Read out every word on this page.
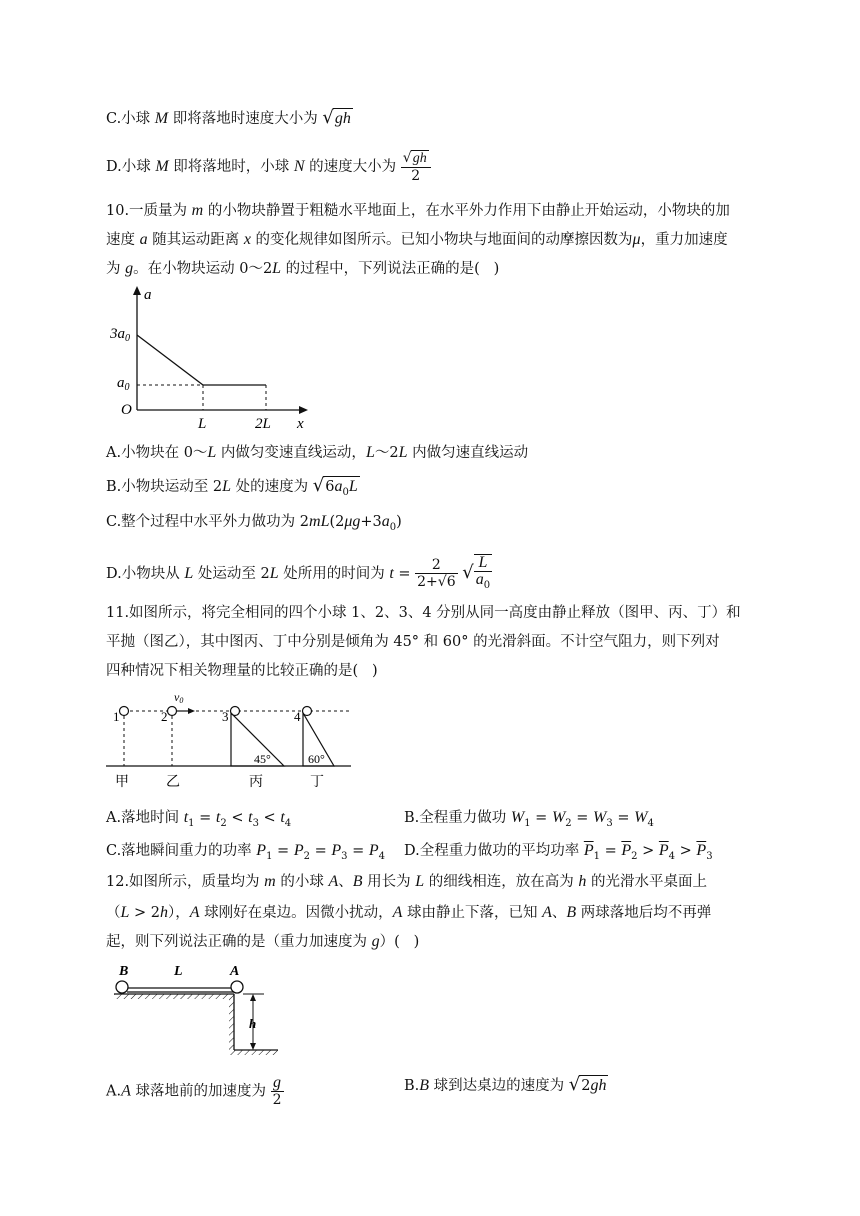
C.小球 M 即将落地时速度大小为 √gh
D.小球 M 即将落地时，小球 N 的速度大小为 $\frac{√gh}{2}$
10.一质量为 m 的小物块静置于粗糙水平地面上，在水平外力作用下由静止开始运动，小物块的加
速度 a 随其运动距离 x 的变化规律如图所示。已知小物块与地面间的动摩擦因数为μ，重力加速度
为 g。在小物块运动 0～2L 的过程中，下列说法正确的是(   )
a
$3a_0$
$a_0$
O
L	2L x
A.小物块在 0～L 内做匀变速直线运动，L～2L 内做匀速直线运动
B.小物块运动至 2L 处的速度为 $√6a_0L$
C.整个过程中水平外力做功为 $2mL(2\mu g+3a_0)$
D.小物块从 L 处运动至 2L 处所用的时间为 $t = \frac{2}{2+√6}$ √ $\frac{L}{a_0}$
11.如图所示，将完全相同的四个小球 1、2、3、4 分别从同一高度由静止释放（图甲、丙、丁）和
平抛（图乙），其中图丙、丁中分别是倾角为 45° 和 60° 的光滑斜面。不计空气阻力，则下列对
四种情况下相关物理量的比较正确的是(   )
v0
1	2	3	4
45°	60°
甲	乙	丙	丁
A.落地时间 $t_1 = t_2 < t_3 < t_4$	B.全程重力做功 $W_1 = W_2 = W_3 = W_4$
C.落地瞬间重力的功率 $P_1 = P_2 = P_3 = P_4$ D.全程重力做功的平均功率 $\overline{P}_1 = \overline{P}_2 > \overline{P}_4 > \overline{P}_3$
12.如图所示，质量均为 m 的小球 A、B 用长为 L 的细线相连，放在高为 h 的光滑水平桌面上
（L > 2h），A 球刚好在桌边。因微小扰动，A 球由静止下落，已知 A、B 两球落地后均不再弹
起，则下列说法正确的是（重力加速度为 g）(   )
B	L	A
h
A.A 球落地前的加速度为 $\frac{g}{2}$	B.B 球到达桌边的速度为 √2gh
